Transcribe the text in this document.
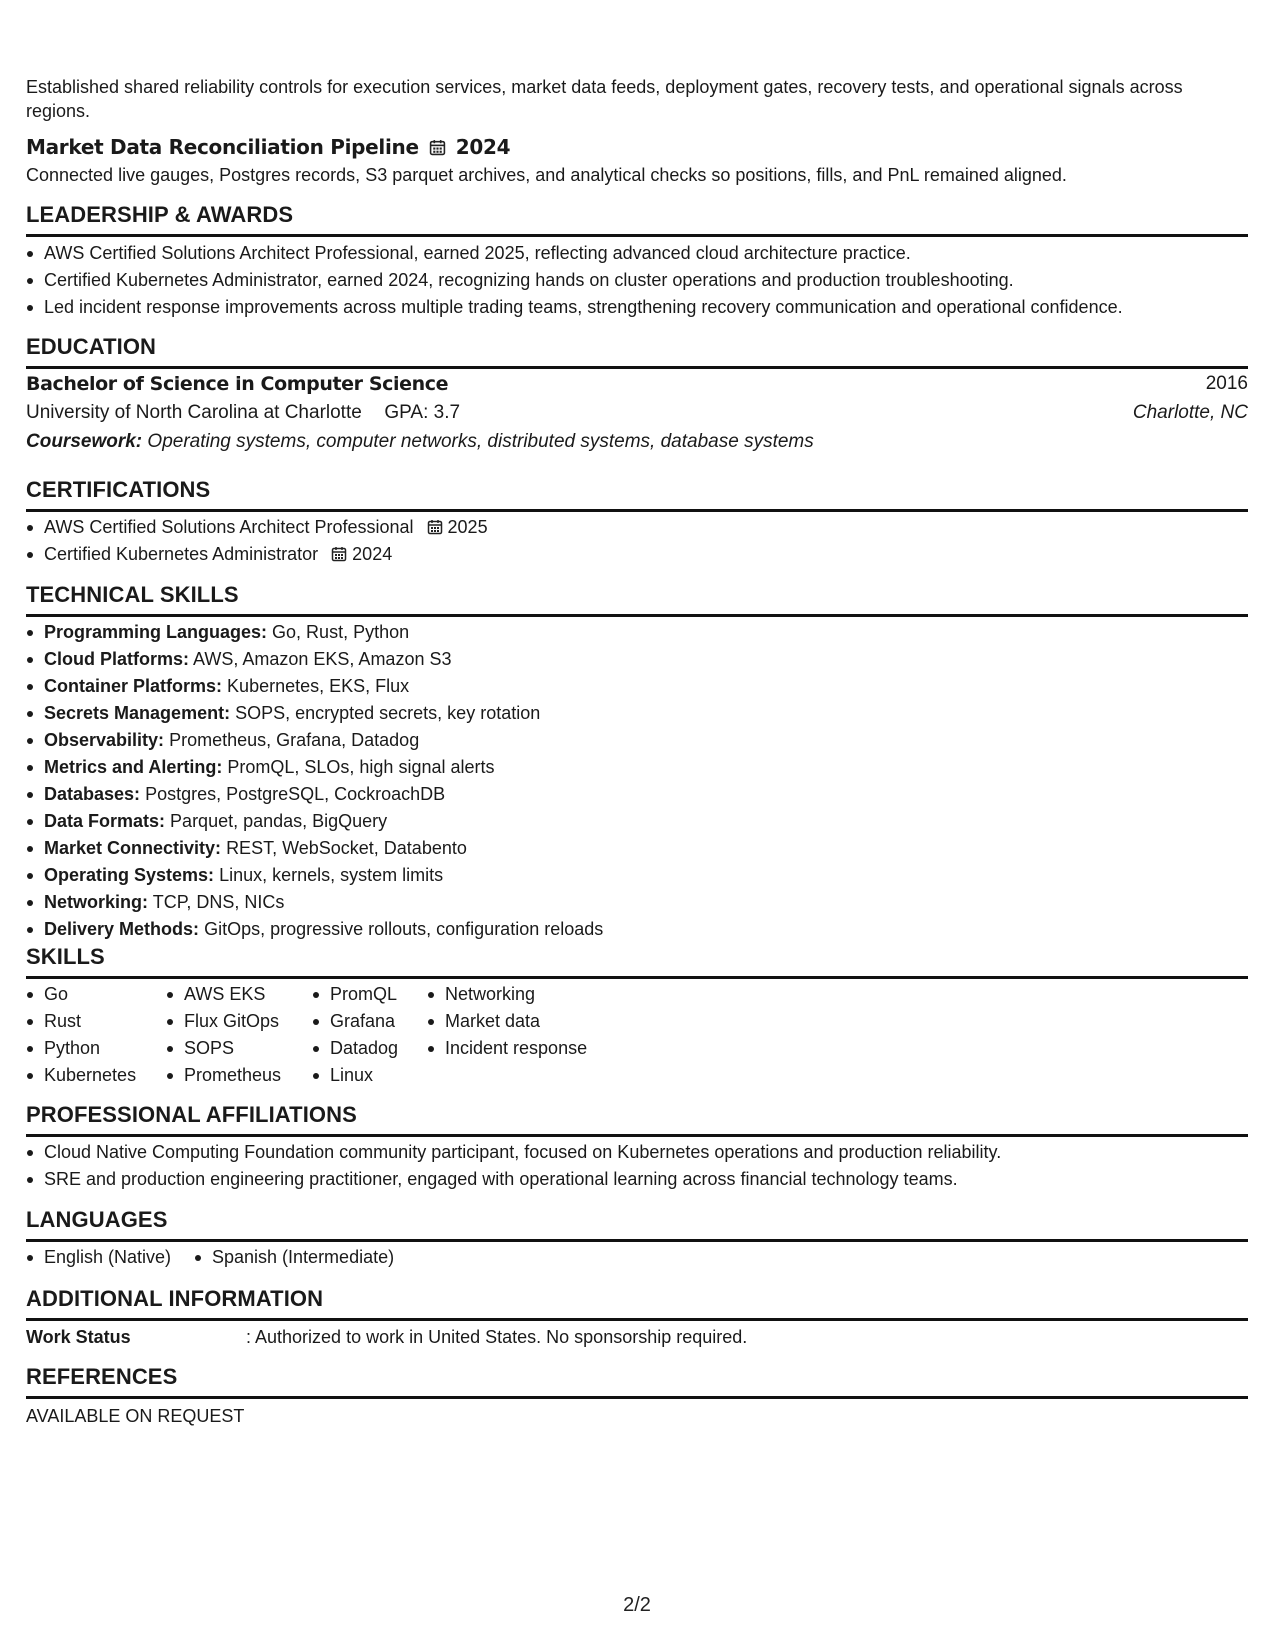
Established shared reliability controls for execution services, market data feeds, deployment gates, recovery tests, and operational signals across regions.

Market Data Reconciliation Pipeline 2024

Connected live gauges, Postgres records, S3 parquet archives, and analytical checks so positions, fills, and PnL remained aligned.

LEADERSHIP & AWARDS
AWS Certified Solutions Architect Professional, earned 2025, reflecting advanced cloud architecture practice.
Certified Kubernetes Administrator, earned 2024, recognizing hands on cluster operations and production troubleshooting.
Led incident response improvements across multiple trading teams, strengthening recovery communication and operational confidence.
EDUCATION
Bachelor of Science in Computer Science	2016
University of North Carolina at Charlotte GPA: 3.7	Charlotte, NC
Coursework: Operating systems, computer networks, distributed systems, database systems
CERTIFICATIONS
AWS Certified Solutions Architect Professional 2025
Certified Kubernetes Administrator 2024
TECHNICAL SKILLS
Programming Languages: Go, Rust, Python
Cloud Platforms: AWS, Amazon EKS, Amazon S3
Container Platforms: Kubernetes, EKS, Flux
Secrets Management: SOPS, encrypted secrets, key rotation
Observability: Prometheus, Grafana, Datadog
Metrics and Alerting: PromQL, SLOs, high signal alerts
Databases: Postgres, PostgreSQL, CockroachDB
Data Formats: Parquet, pandas, BigQuery
Market Connectivity: REST, WebSocket, Databento
Operating Systems: Linux, kernels, system limits
Networking: TCP, DNS, NICs
Delivery Methods: GitOps, progressive rollouts, configuration reloads
SKILLS
Go
Rust
Python
Kubernetes
AWS EKS
Flux GitOps
SOPS
Prometheus
PromQL
Grafana
Datadog
Linux
Networking
Market data
Incident response
PROFESSIONAL AFFILIATIONS
Cloud Native Computing Foundation community participant, focused on Kubernetes operations and production reliability.
SRE and production engineering practitioner, engaged with operational learning across financial technology teams.
LANGUAGES
English (Native)	Spanish (Intermediate)
ADDITIONAL INFORMATION
Work Status	: Authorized to work in United States. No sponsorship required.
REFERENCES
AVAILABLE ON REQUEST
2/2
